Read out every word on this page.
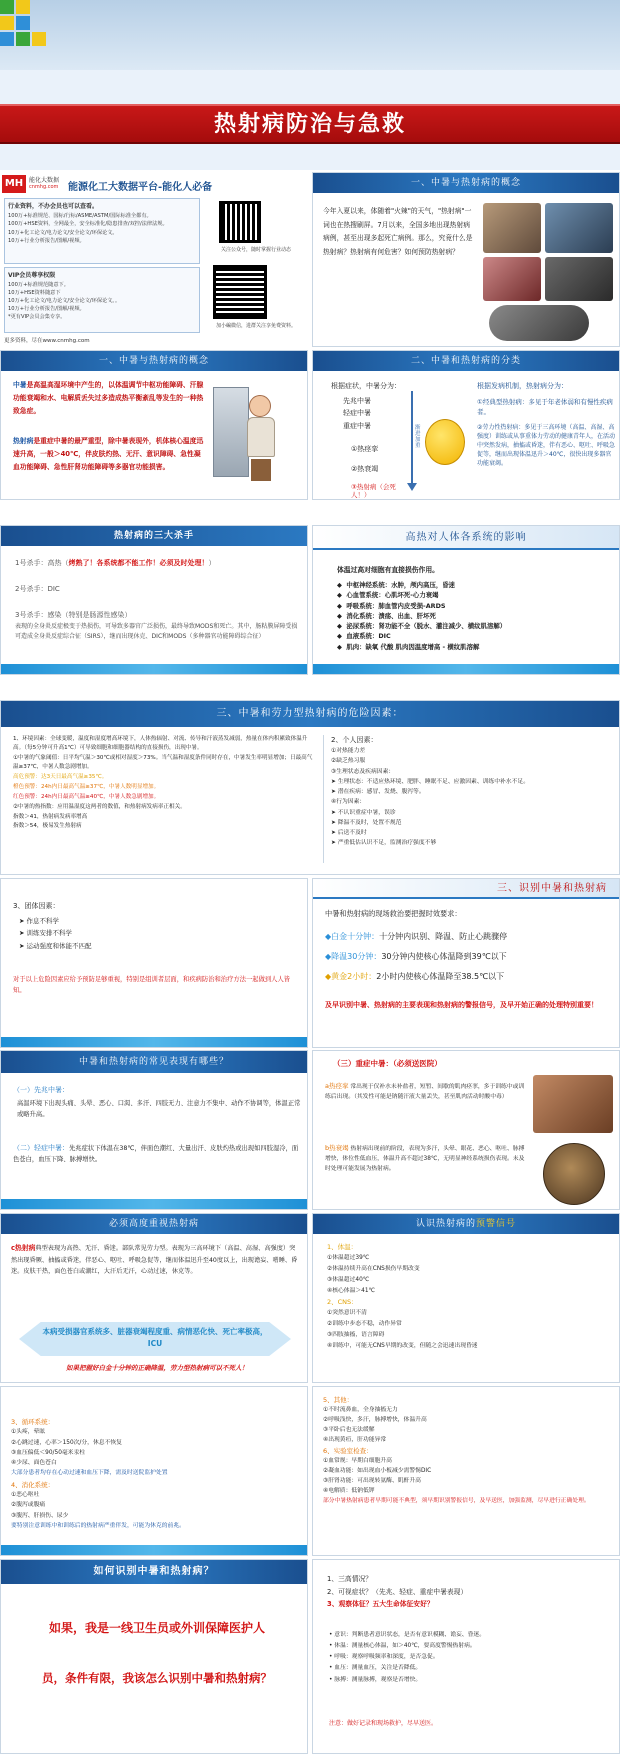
热射病防治与急救
MH 能化大数据
cnmhg.com 能源化工大数据平台-能化人必备
行业资料，不办会员也可以查看。
100万+标准规范、国标/行标/ASME/ASTM/国际标准全都有。
100万+HSE资料，全网最全，安全标准化/隐患排查/双控/法律法规。
10万+化工论文/电力论文/安全论文/环保论文。
10万+行业分析报告/图解/视频。
VIP会员尊享权限
100万+标准规范随意下。
10万+HSE资料随意下
10万+化工论文/电力论文/安全论文/环保论文。。
10万+行业分析报告/图解/视频。
*更有VIP会员会集专享。
更多资料，尽在www.cnmhg.com
关注公众号，随时掌握行业动态
加小編微信，进群关注享免费资料。
一、中暑与热射病的概念
今年入夏以来，体随着"火辣"的天气，"热射病"一词也在热搜刷屏。7月以来，全国多地出现热射病病例，甚至出现多起死亡病例。那么，究竟什么是热射病？热射病有何危害？如何预防热射病？
一、中暑与热射病的概念
中暑是高温高湿环境中产生的，以体温调节中枢功能障碍、汗腺功能衰竭和水、电解质丢失过多造成热平衡紊乱等发生的一种热致急症。
热射病是重症中暑的最严重型，除中暑表现外，机体核心温度迅速升高，一般＞40℃，伴皮肤灼热、无汗、意识障碍、急性凝血功能障碍、急性肝肾功能障碍等多器官功能损害。
二、中暑和热射病的分类
根据症状，中暑分为：
先兆中暑
轻症中暑
重症中暑
①热痉挛
②热衰竭
③热射病（会死人！）
渐进加重
根据发病机制，热射病分为：
①经典型热射病：多见于年老体弱和有慢性疾病者。
②劳力性热射病：多见于三高环境（高温、高湿、高强度）训练或从事重体力劳动的健康青年人，在活动中突然发病，抽搐或昏迷，伴有恶心、呕吐、呼吸急促等，继而出现体温迅升＞40℃，很快出现多器官功能衰竭。
热射病的三大杀手
1号杀手：高热（烤熟了！各系统都不能工作！必须及时处理！）
2号杀手：DIC
3号杀手：感染（特别是肠源性感染）
表现的全身炎反症极变于热损伤，可导致多器官广泛损伤，最终导致MODS和死亡。其中，肠粘膜屏障受损可造成全身炎反症综合征（SIRS），继而出现休克、DIC和MODS（多种器官功能障碍综合征）
高热对人体各系统的影响
体温过高对细胞有直接损伤作用。
◆  中枢神经系统：水肿，颅内高压，昏迷
◆  心血管系统：心肌坏死-心力衰竭
◆  呼吸系统：肺血管内皮受损-ARDS
◆  消化系统：溃疡、出血、肝坏死
◆  泌尿系统：肾功能不全（脱水、灌注减少、横纹肌溶解）
◆  血液系统：DIC
◆  肌肉：缺氧 代酸 肌肉因温度增高 - 横纹肌溶解
三、中暑和劳力型热射病的危险因素：

1、环境因素：全球变暖，温度和湿度增高环境下，人体热辐射、对流、传导和汗液蒸发减弱，热量在体内积累致体温升高。（每5分钟可升高1℃）可导致细胞和细胞器结构的直接损伤，出现中暑。

①中暑的气象阈值：日平均气温＞30℃或相对湿度＞73%。当气温和湿度条件同时存在，中暑发生率明显增加；日最高气温≥37℃，中暑人数急剧增加。

高危预警：达3天日最高气温≥35℃。

橙色预警：24h内日最高气温≥37℃，中暑人数明显增加。

红色预警：24h内日最高气温≥40℃，中暑人数急剧增加。

②中暑的热指数：应用温湿度这两者的数值，和热射病发病率正相关。

指数＞41，热射病发病率增高

指数＞54，极易发生热射病

2、个人因素：

①对热能力差

②缺乏热习服

③生理状态及疾病因素：

➤ 生理状态：不适应热环境、肥胖、睡眠不足、应激因素、训练中补水不足。

➤ 潜在疾病：感冒、发烧、腹泻等。

④行为因素：

➤ 不认识重症中暑，误诊

➤ 降温不及时，处置不规范

➤ 后送不及时

➤ 严重低估认识不足，监测治疗强度不够

3、团体因素：
➤ 作息不科学
➤ 训练安排不科学
➤ 运动强度和体能不匹配
对于以上危险因素应给予预防足够重视，特别是组训者层面，和疾病防治和治疗方法一起做到人人皆知。
三、识别中暑和热射病
中暑和热射病的现场救治要把握时效要求：
◆白金十分钟：十分钟内识别、降温、防止心跳骤停
◆降温30分钟：30分钟内使核心体温降到39℃以下
◆黄金2小时：2小时内使核心体温降至38.5℃以下
及早识别中暑、热射病的主要表现和热射病的警报信号，及早开始正确的处理特别重要！
中暑和热射病的常见表现有哪些？
（一）先兆中暑：
高温环境下出现头痛、头晕、恶心、口渴、多汗、四肢无力、注意力不集中、动作不协调等，体温正常或略升高。
（二）轻症中暑：先兆症状下体温在38℃，伴面色潮红、大量出汗、皮肤灼热或出现如四肢湿冷，面色苍白，血压下降、脉搏增快。
（三）重症中暑：（必须送医院）
a热痉挛 常出现于仅补水未补盐者，短暂、间歇的肌肉痉挛，多于训练中或训练后出现。（其发性可能是钠随汗液大量丢失，甚至肌肉活动时酸中毒）
b热衰竭 热射病出现前的阶段，表现为多汗，头晕、眼花、恶心、呕吐、脉搏增快，体位性低血压，体温升高不超过38℃，无明显神经系统损伤表现。未及时处理可能发展为热射病。
必须高度重视热射病
c热射病典型表现为高热、无汗、昏迷。部队常见劳力型。表现为三高环境下（高温、高湿、高强度）突然出现昏厥、抽搐或昏迷，伴恶心、呕吐、呼吸急促等，继而体温迅升至40度以上，出现谵妄、嗜睡、昏迷。皮肤干热，面色苍白或潮红，大汗后无汗，心动过速，休克等。
本病受损器官系统多、脏器衰竭程度重、病情恶化快、死亡率极高，ICU
如果把握好白金十分钟的正确降温，劳力型热射病可以不死人！
认识热射病的预警信号

1、体温：

①体温超过39℃

②体温持续升高在CNS损伤早期改变

③体温超过40℃

④核心体温＞41℃

2、CNS：

①突然意识不清

②训练中步态不稳，动作异常

③四肢抽搐，语言障碍

④训练中，可能无CNS早期的改变，但随之会迅速出现昏迷

3、循环系统：

①头疼，晕眩

②心跳过速，心率＞150次/分，休息不恢复

③血压偏低＜90/50毫米汞柱

④少尿、面色苍白

大部分患者均存在心动过速和血压下降，需及时送院监护处置

4、消化系统：

①恶心呕吐

②腹泻或腹痛

③腹泻、肝损伤、尿少

要特别注意训练中和训练后的热射病严重伴发，可能为休克的前兆。

5、其他：

①不时流鼻血，全身抽搐无力

②呼吸浅快，多汗，脉搏增快，体温升高

③平卧后也无法缓解

④出现黄疸，肝功能异常

6、实验室检查：

①血常规：早期白细胞升高

②凝血功能：如出现血小板减少需警惕DIC

③肝肾功能：可出现转氨酶、肌酐升高

④电解质：低钠低钾

部分中暑热射病患者早期可能不典型，须早期识别警报信号，及早送医，加强监测，尽早进行正确处理。

如何识别中暑和热射病？
如果，我是一线卫生员或外训保障医护人
员，条件有限，我该怎么识别中暑和热射病？

1、三高情况？

2、可视症状？（先兆、轻症、重症中暑表现）

3、观察体征？五大生命体征安好？

• 意识：判断患者意识状态，是否有意识模糊、谵妄、昏迷。

• 体温：测量核心体温，如＞40℃，要高度警惕热射病。

• 呼吸：观察呼吸频率和深度，是否急促。

• 血压：测量血压，关注是否降低。

• 脉搏：测量脉搏，观察是否增快。

注意：做好记录和现场救护，尽早送医。
